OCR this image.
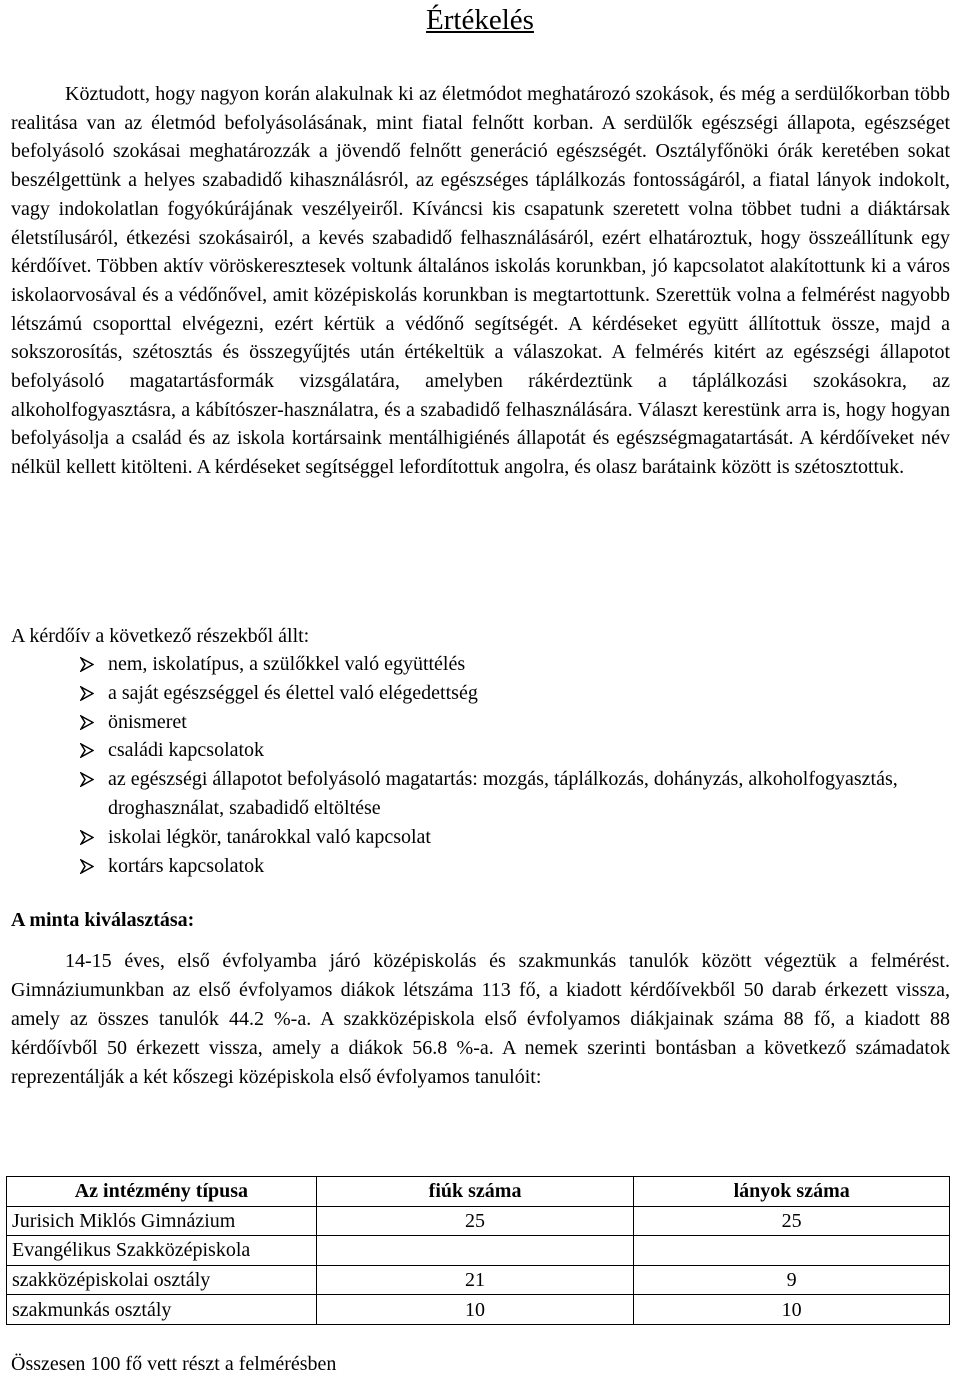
Értékelés

Köztudott, hogy nagyon korán alakulnak ki az életmódot meghatározó szokások, és még a serdülőkorban több realitása van az életmód befolyásolásának, mint fiatal felnőtt korban. A serdülők egészségi állapota, egészséget befolyásoló szokásai meghatározzák a jövendő felnőtt generáció egészségét. Osztályfőnöki órák keretében sokat beszélgettünk a helyes szabadidő kihasználásról, az egészséges táplálkozás fontosságáról, a fiatal lányok indokolt, vagy indokolatlan fogyókúrájának veszélyeiről. Kíváncsi kis csapatunk szeretett volna többet tudni a diáktársak életstílusáról, étkezési szokásairól, a kevés szabadidő felhasználásáról, ezért elhatároztuk, hogy összeállítunk egy kérdőívet. Többen aktív vöröskeresztesek voltunk általános iskolás korunkban, jó kapcsolatot alakítottunk ki a város iskolaorvosával és a védőnővel, amit középiskolás korunkban is megtartottunk. Szerettük volna a felmérést nagyobb létszámú csoporttal elvégezni, ezért kértük a védőnő segítségét. A kérdéseket együtt állítottuk össze, majd a sokszorosítás, szétosztás és összegyűjtés után értékeltük a válaszokat. A felmérés kitért az egészségi állapotot befolyásoló magatartásformák vizsgálatára, amelyben rákérdeztünk a táplálkozási szokásokra, az alkoholfogyasztásra, a kábítószer-használatra, és a szabadidő felhasználására. Választ kerestünk arra is, hogy hogyan befolyásolja a család és az iskola kortársaink mentálhigiénés állapotát és egészségmagatartását. A kérdőíveket név nélkül kellett kitölteni. A kérdéseket segítséggel lefordítottuk angolra, és olasz barátaink között is szétosztottuk.

A kérdőív a következő részekből állt:
nem, iskolatípus, a szülőkkel való együttélés
a saját egészséggel és élettel való elégedettség
önismeret
családi kapcsolatok
az egészségi állapotot befolyásoló magatartás: mozgás, táplálkozás, dohányzás, alkoholfogyasztás, droghasználat, szabadidő eltöltése
iskolai légkör, tanárokkal való kapcsolat
kortárs kapcsolatok
A minta kiválasztása:

14-15 éves, első évfolyamba járó középiskolás és szakmunkás tanulók között végeztük a felmérést. Gimnáziumunkban az első évfolyamos diákok létszáma 113 fő, a kiadott kérdőívekből 50 darab érkezett vissza, amely az összes tanulók 44.2 %-a. A szakközépiskola első évfolyamos diákjainak száma 88 fő, a kiadott 88 kérdőívből 50 érkezett vissza, amely a diákok 56.8 %-a. A nemek szerinti bontásban a következő számadatok reprezentálják a két kőszegi középiskola első évfolyamos tanulóit:

Az intézmény típusa	fiúk száma	lányok száma
Jurisich Miklós Gimnázium	25	25
Evangélikus Szakközépiskola		
szakközépiskolai osztály	21	9
szakmunkás osztály	10	10
Összesen 100 fő vett részt a felmérésben
